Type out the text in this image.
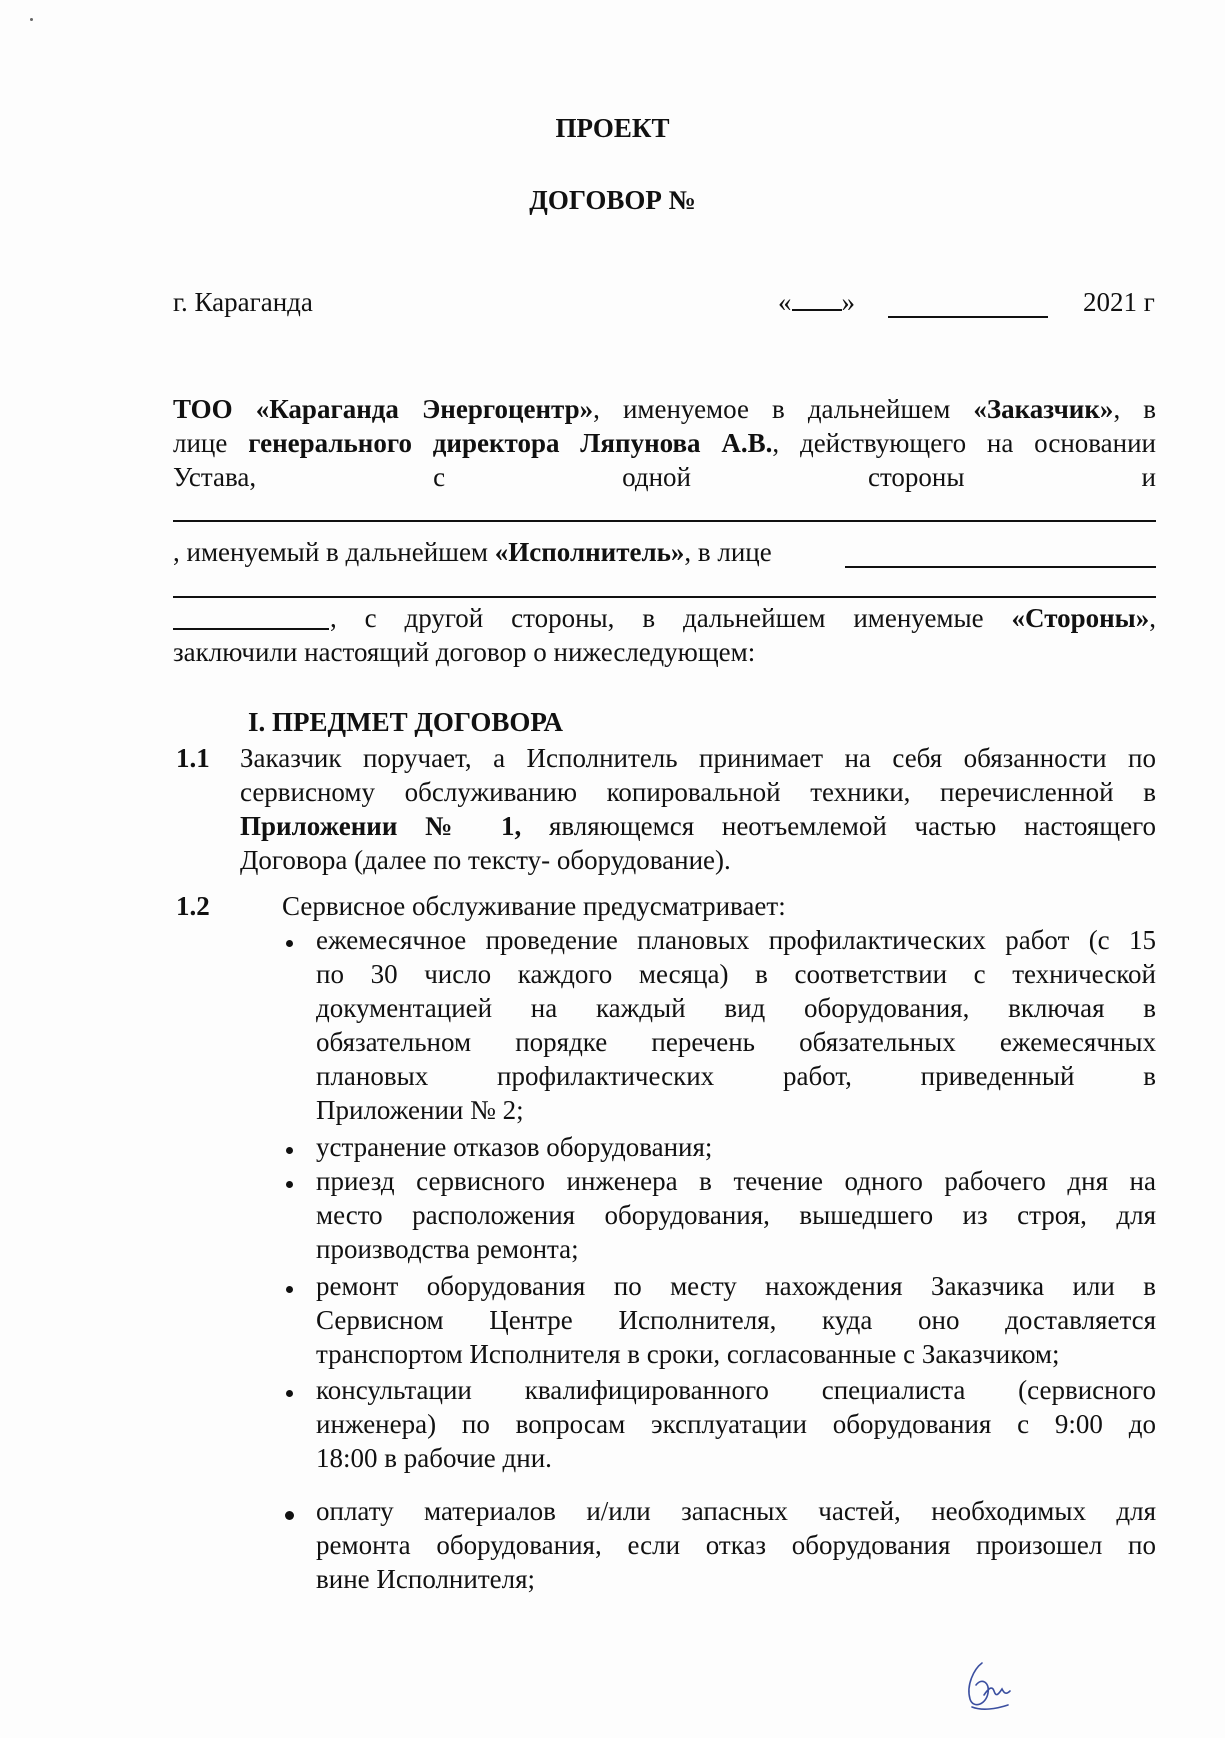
ПРОЕКТ
ДОГОВОР №
г. Караганда	« »	2021 г
ТОО «Караганда Энергоцентр», именуемое в дальнейшем «Заказчик», в
лице генерального директора Ляпунова А.В., действующего на основании
Устава,	с	одной	стороны	и
, именуемый в дальнейшем «Исполнитель», в лице
, с другой стороны, в дальнейшем именуемые «Стороны»,
заключили настоящий договор о нижеследующем:
I. ПРЕДМЕТ ДОГОВОРА
1.1 Заказчик поручает, а Исполнитель принимает на себя обязанности по
сервисному обслуживанию копировальной техники, перечисленной в
Приложении № 1, являющемся неотъемлемой частью настоящего
Договора (далее по тексту- оборудование).
1.2	Сервисное обслуживание предусматривает:
ежемесячное проведение плановых профилактических работ (с 15
по 30 число каждого месяца) в соответствии с технической
документацией на каждый вид оборудования, включая в
обязательном порядке перечень обязательных ежемесячных
плановых профилактических работ, приведенный в
Приложении № 2;
устранение отказов оборудования;
приезд сервисного инженера в течение одного рабочего дня на
место расположения оборудования, вышедшего из строя, для
производства ремонта;
ремонт оборудования по месту нахождения Заказчика или в
Сервисном Центре Исполнителя, куда оно доставляется
транспортом Исполнителя в сроки, согласованные с Заказчиком;
консультации квалифицированного специалиста (сервисного
инженера) по вопросам эксплуатации оборудования с 9:00 до
18:00 в рабочие дни.
оплату материалов и/или запасных частей, необходимых для
ремонта оборудования, если отказ оборудования произошел по
вине Исполнителя;
